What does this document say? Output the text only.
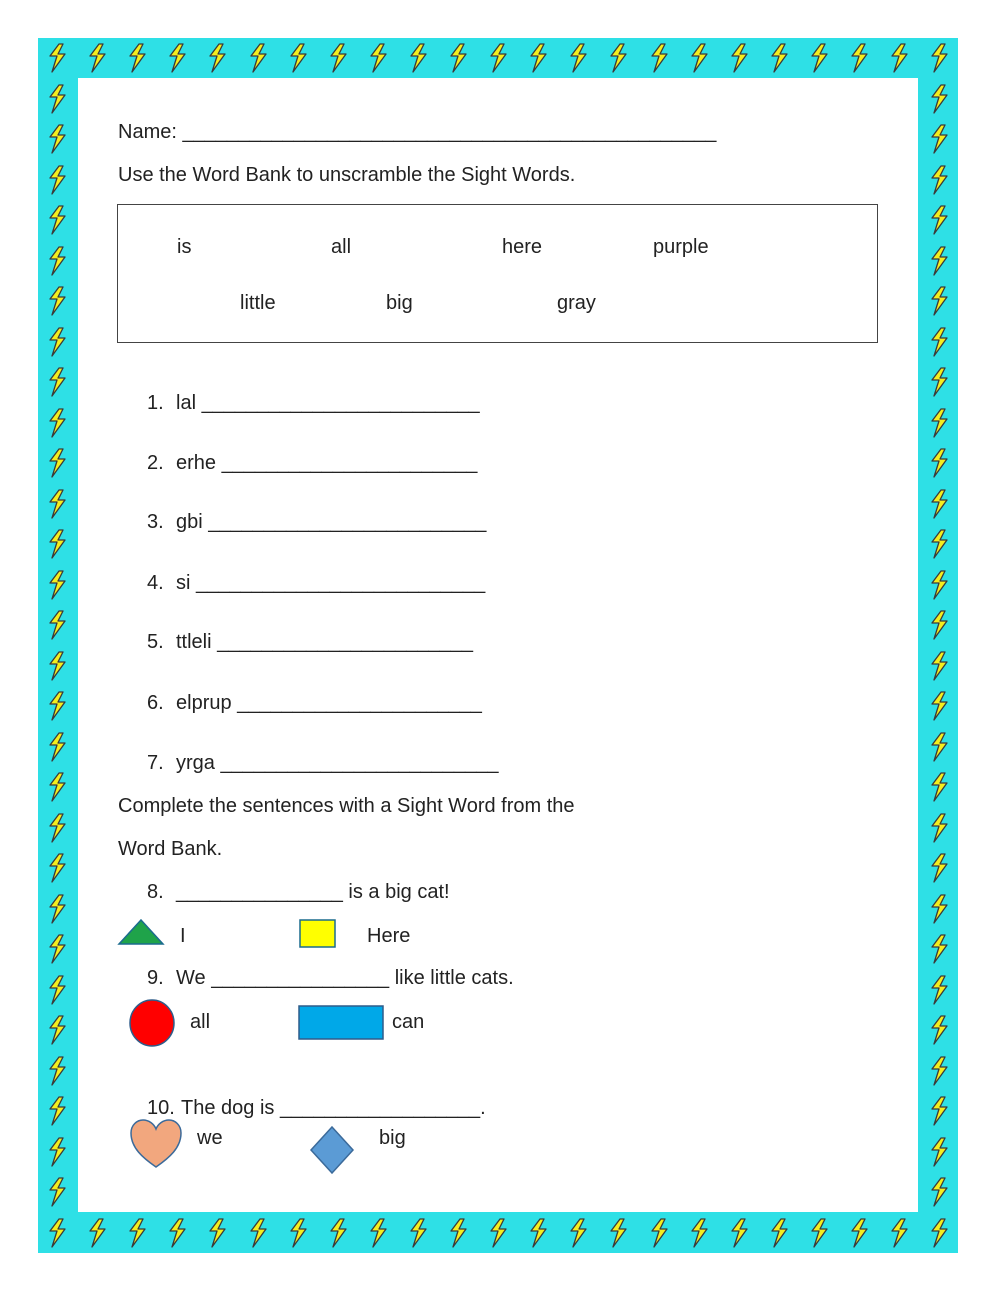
Name: ________________________________________________
Use the Word Bank to unscramble the Sight Words.
is	all	here	purple
little	big	gray
1. lal _________________________
2. erhe _______________________
3. gbi _________________________
4. si __________________________
5. ttleli _______________________
6. elprup ______________________
7. yrga _________________________
Complete the sentences with a Sight Word from the
Word Bank.
8. _______________ is a big cat!
I	Here
9. We ________________ like little cats.
all	can
10. The dog is __________________.
we	big
